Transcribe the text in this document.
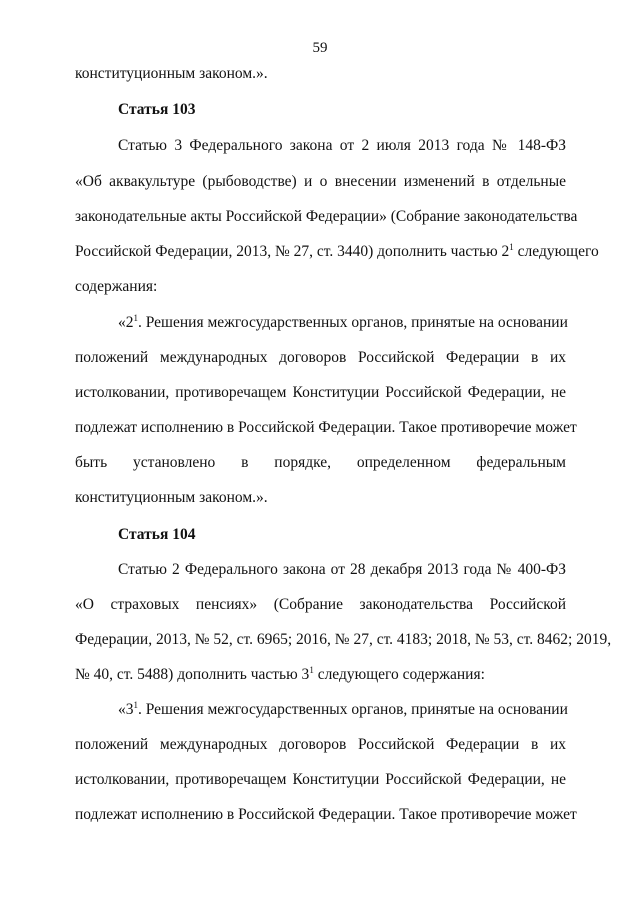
59
конституционным законом.».
Статья 103
Статью 3 Федерального закона от 2 июля 2013 года № 148-ФЗ
«Об аквакультуре (рыбоводстве) и о внесении изменений в отдельные
законодательные акты Российской Федерации» (Собрание законодательства
Российской Федерации, 2013, № 27, ст. 3440) дополнить частью $2^1$ следующего
содержания:
«$2^1$. Решения межгосударственных органов, принятые на основании
положений международных договоров Российской Федерации в их
истолковании, противоречащем Конституции Российской Федерации, не
подлежат исполнению в Российской Федерации. Такое противоречие может
быть установлено в порядке, определенном федеральным
конституционным законом.».
Статья 104
Статью 2 Федерального закона от 28 декабря 2013 года № 400-ФЗ
«О страховых пенсиях» (Собрание законодательства Российской
Федерации, 2013, № 52, ст. 6965; 2016, № 27, ст. 4183; 2018, № 53, ст. 8462; 2019,
№ 40, ст. 5488) дополнить частью $3^1$ следующего содержания:
«$3^1$. Решения межгосударственных органов, принятые на основании
положений международных договоров Российской Федерации в их
истолковании, противоречащем Конституции Российской Федерации, не
подлежат исполнению в Российской Федерации. Такое противоречие может
